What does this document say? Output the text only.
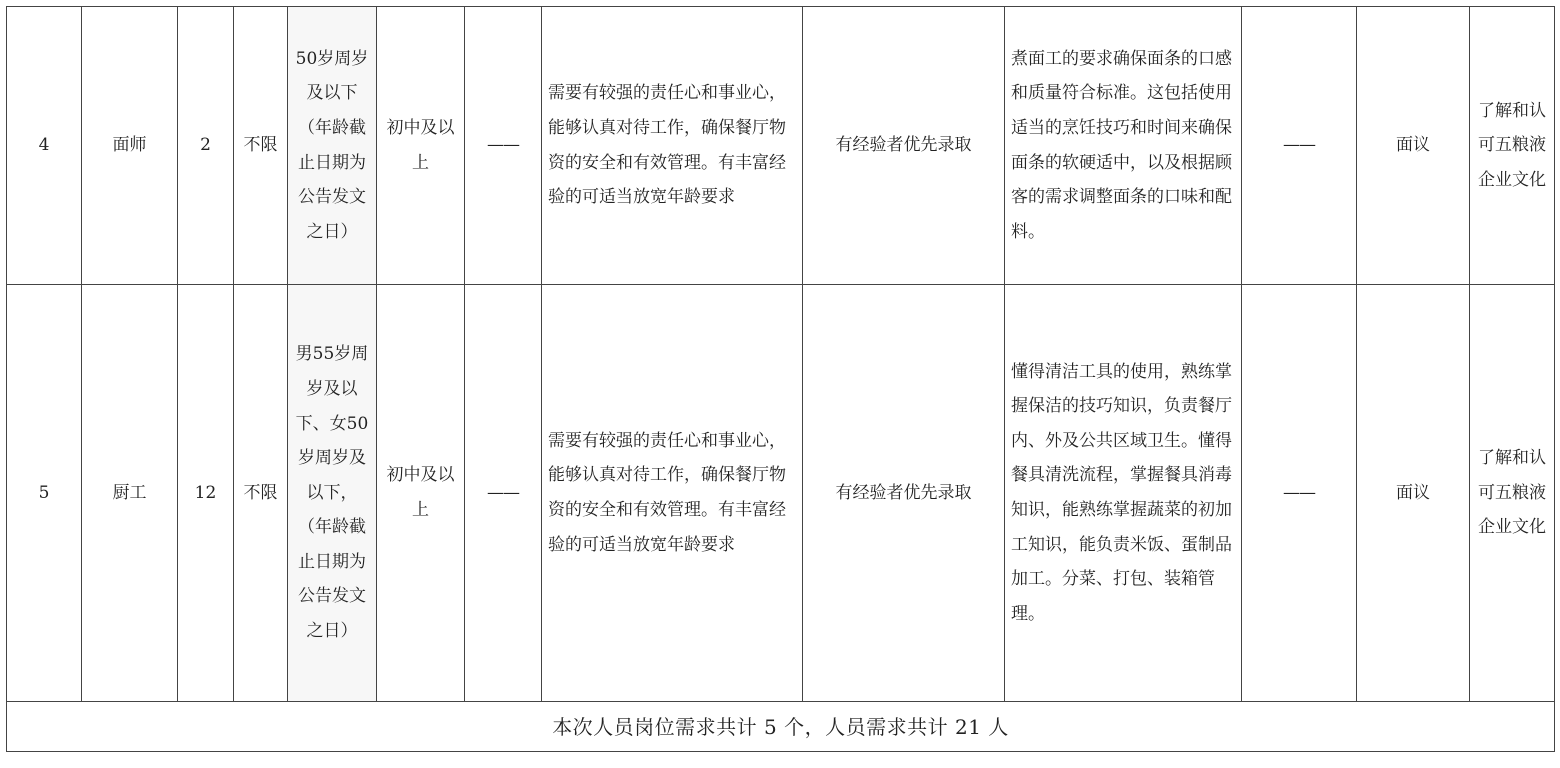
4	面师	2	不限	50岁周岁及以下（年龄截止日期为公告发文之日）	初中及以上	——	需要有较强的责任心和事业心，能够认真对待工作，确保餐厅物资的安全和有效管理。有丰富经验的可适当放宽年龄要求	有经验者优先录取	煮面工的要求确保面条的口感和质量符合标准。这包括使用适当的烹饪技巧和时间来确保面条的软硬适中，以及根据顾客的需求调整面条的口味和配料。	——	面议	了解和认可五粮液企业文化
5	厨工	12	不限	男55岁周岁及以下、女50岁周岁及以下，（年龄截止日期为公告发文之日）	初中及以上	——	需要有较强的责任心和事业心，能够认真对待工作，确保餐厅物资的安全和有效管理。有丰富经验的可适当放宽年龄要求	有经验者优先录取	懂得清洁工具的使用，熟练掌握保洁的技巧知识，负责餐厅内、外及公共区域卫生。懂得餐具清洗流程，掌握餐具消毒知识，能熟练掌握蔬菜的初加工知识，能负责米饭、蛋制品加工。分菜、打包、装箱管理。	——	面议	了解和认可五粮液企业文化
本次人员岗位需求共计 5 个，人员需求共计 21 人												
